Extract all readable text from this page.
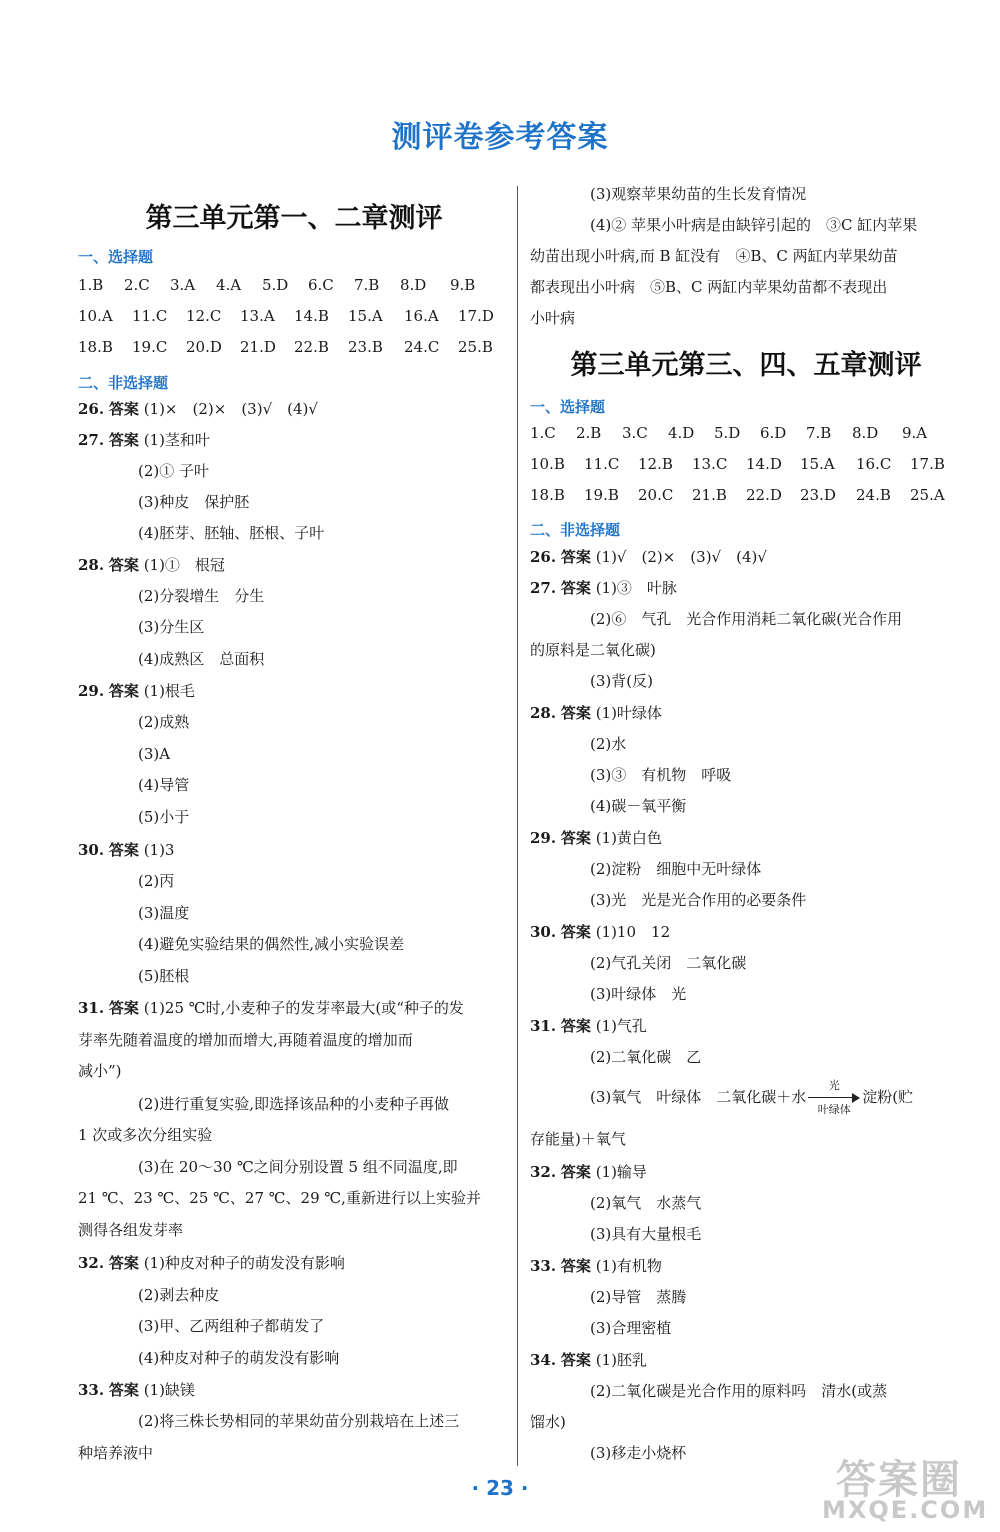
测评卷参考答案
第三单元第一、二章测评
一、选择题
1.B 2.C 3.A 4.A 5.D 6.C 7.B 8.D 9.B
10.A 11.C 12.C 13.A 14.B 15.A 16.A 17.D
18.B 19.C 20.D 21.D 22.B 23.B 24.C 25.B
二、非选择题
26. 答案 (1)×　(2)×　(3)√　(4)√
27. 答案 (1)茎和叶
(2)① 子叶
(3)种皮　保护胚
(4)胚芽、胚轴、胚根、子叶
28. 答案 (1)①　根冠
(2)分裂增生　分生
(3)分生区
(4)成熟区　总面积
29. 答案 (1)根毛
(2)成熟
(3)A
(4)导管
(5)小于
30. 答案 (1)3
(2)丙
(3)温度
(4)避免实验结果的偶然性,减小实验误差
(5)胚根
31. 答案 (1)25 ℃时,小麦种子的发芽率最大(或“种子的发
芽率先随着温度的增加而增大,再随着温度的增加而
减小”)
(2)进行重复实验,即选择该品种的小麦种子再做
1 次或多次分组实验
(3)在 20～30 ℃之间分别设置 5 组不同温度,即
21 ℃、23 ℃、25 ℃、27 ℃、29 ℃,重新进行以上实验并
测得各组发芽率
32. 答案 (1)种皮对种子的萌发没有影响
(2)剥去种皮
(3)甲、乙两组种子都萌发了
(4)种皮对种子的萌发没有影响
33. 答案 (1)缺镁
(2)将三株长势相同的苹果幼苗分别栽培在上述三
种培养液中
(3)观察苹果幼苗的生长发育情况
(4)② 苹果小叶病是由缺锌引起的　③C 缸内苹果
幼苗出现小叶病,而 B 缸没有　④B、C 两缸内苹果幼苗
都表现出小叶病　⑤B、C 两缸内苹果幼苗都不表现出
小叶病
第三单元第三、四、五章测评
一、选择题
1.C 2.B 3.C 4.D 5.D 6.D 7.B 8.D 9.A
10.B 11.C 12.B 13.C 14.D 15.A 16.C 17.B
18.B 19.B 20.C 21.B 22.D 23.D 24.B 25.A
二、非选择题
26. 答案 (1)√　(2)×　(3)√　(4)√
27. 答案 (1)③　叶脉
(2)⑥　气孔　光合作用消耗二氧化碳(光合作用
的原料是二氧化碳)
(3)背(反)
28. 答案 (1)叶绿体
(2)水
(3)③　有机物　呼吸
(4)碳－氧平衡
29. 答案 (1)黄白色
(2)淀粉　细胞中无叶绿体
(3)光　光是光合作用的必要条件
30. 答案 (1)10　12
(2)气孔关闭　二氧化碳
(3)叶绿体　光
31. 答案 (1)气孔
(2)二氧化碳　乙
(3)氧气　叶绿体　二氧化碳＋水
光
叶绿体
淀粉(贮
存能量)＋氧气
32. 答案 (1)输导
(2)氧气　水蒸气
(3)具有大量根毛
33. 答案 (1)有机物
(2)导管　蒸腾
(3)合理密植
34. 答案 (1)胚乳
(2)二氧化碳是光合作用的原料吗　清水(或蒸
馏水)
(3)移走小烧杯
· 23 ·	答案圈
MXQE.COM
